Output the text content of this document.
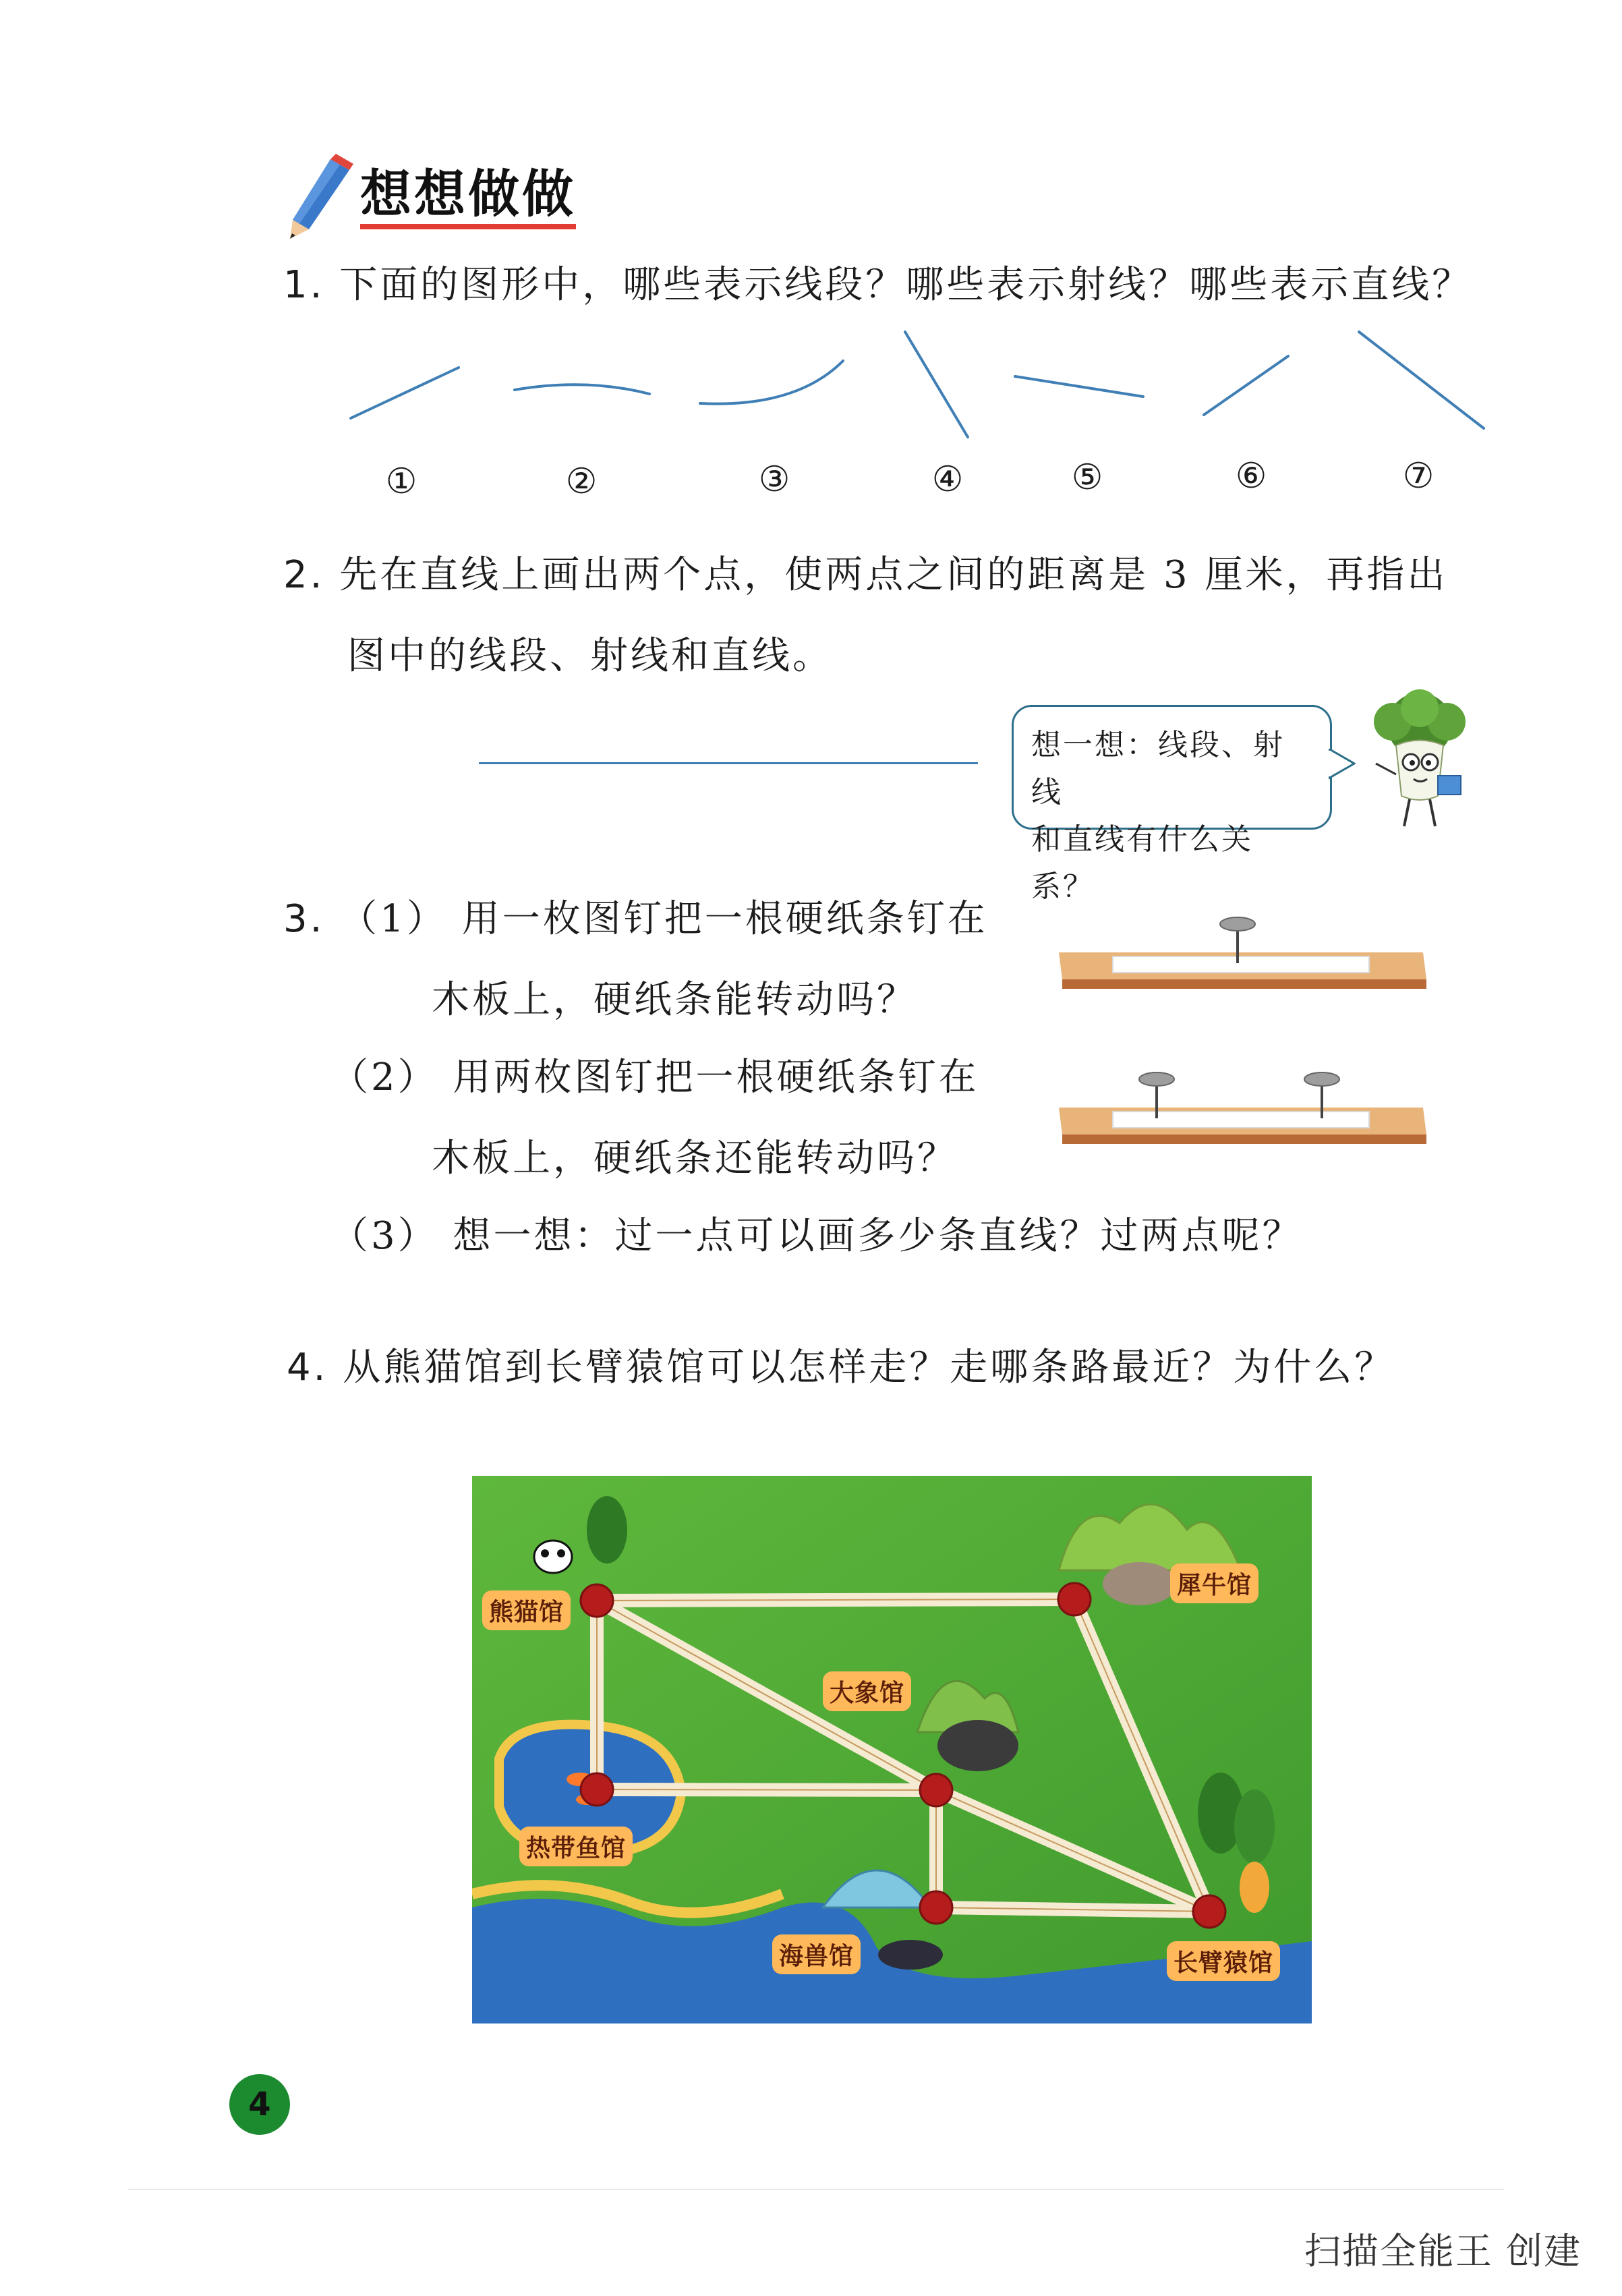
想想做做
1. 下面的图形中，哪些表示线段？哪些表示射线？哪些表示直线？
①	②	③	④	⑤	⑥	⑦
2. 先在直线上画出两个点，使两点之间的距离是 3 厘米，再指出
图中的线段、射线和直线。
想一想：线段、射线
和直线有什么关系？
3. （1） 用一枚图钉把一根硬纸条钉在
木板上，硬纸条能转动吗？
（2） 用两枚图钉把一根硬纸条钉在
木板上，硬纸条还能转动吗？
（3） 想一想：过一点可以画多少条直线？过两点呢？
4. 从熊猫馆到长臂猿馆可以怎样走？走哪条路最近？为什么？
熊猫馆
犀牛馆
大象馆
热带鱼馆
海兽馆	长臂猿馆
4
扫描全能王 创建
